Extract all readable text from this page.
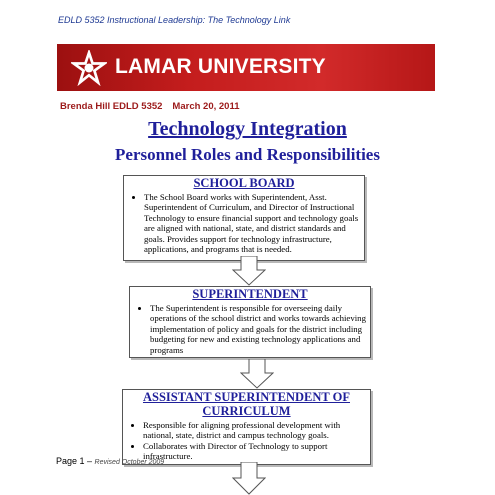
EDLD 5352 Instructional Leadership: The Technology Link
LAMAR UNIVERSITY
Brenda Hill EDLD 5352 March 20, 2011
Technology Integration
Personnel Roles and Responsibilities
SCHOOL BOARD
• The School Board works with Superintendent, Asst. Superintendent of Curriculum, and Director of Instructional Technology to ensure financial support and technology goals are aligned with national, state, and district standards and goals. Provides support for technology infrastructure, applications, and programs that is needed.
SUPERINTENDENT
• The Superintendent is responsible for overseeing daily operations of the school district and works towards achieving implementation of policy and goals for the district including budgeting for new and existing technology applications and programs
ASSISTANT SUPERINTENDENT OF CURRICULUM
• Responsible for aligning professional development with national, state, district and campus technology goals.
• Collaborates with Director of Technology to support infrastructure.
Page 1 – Revised October 2009
